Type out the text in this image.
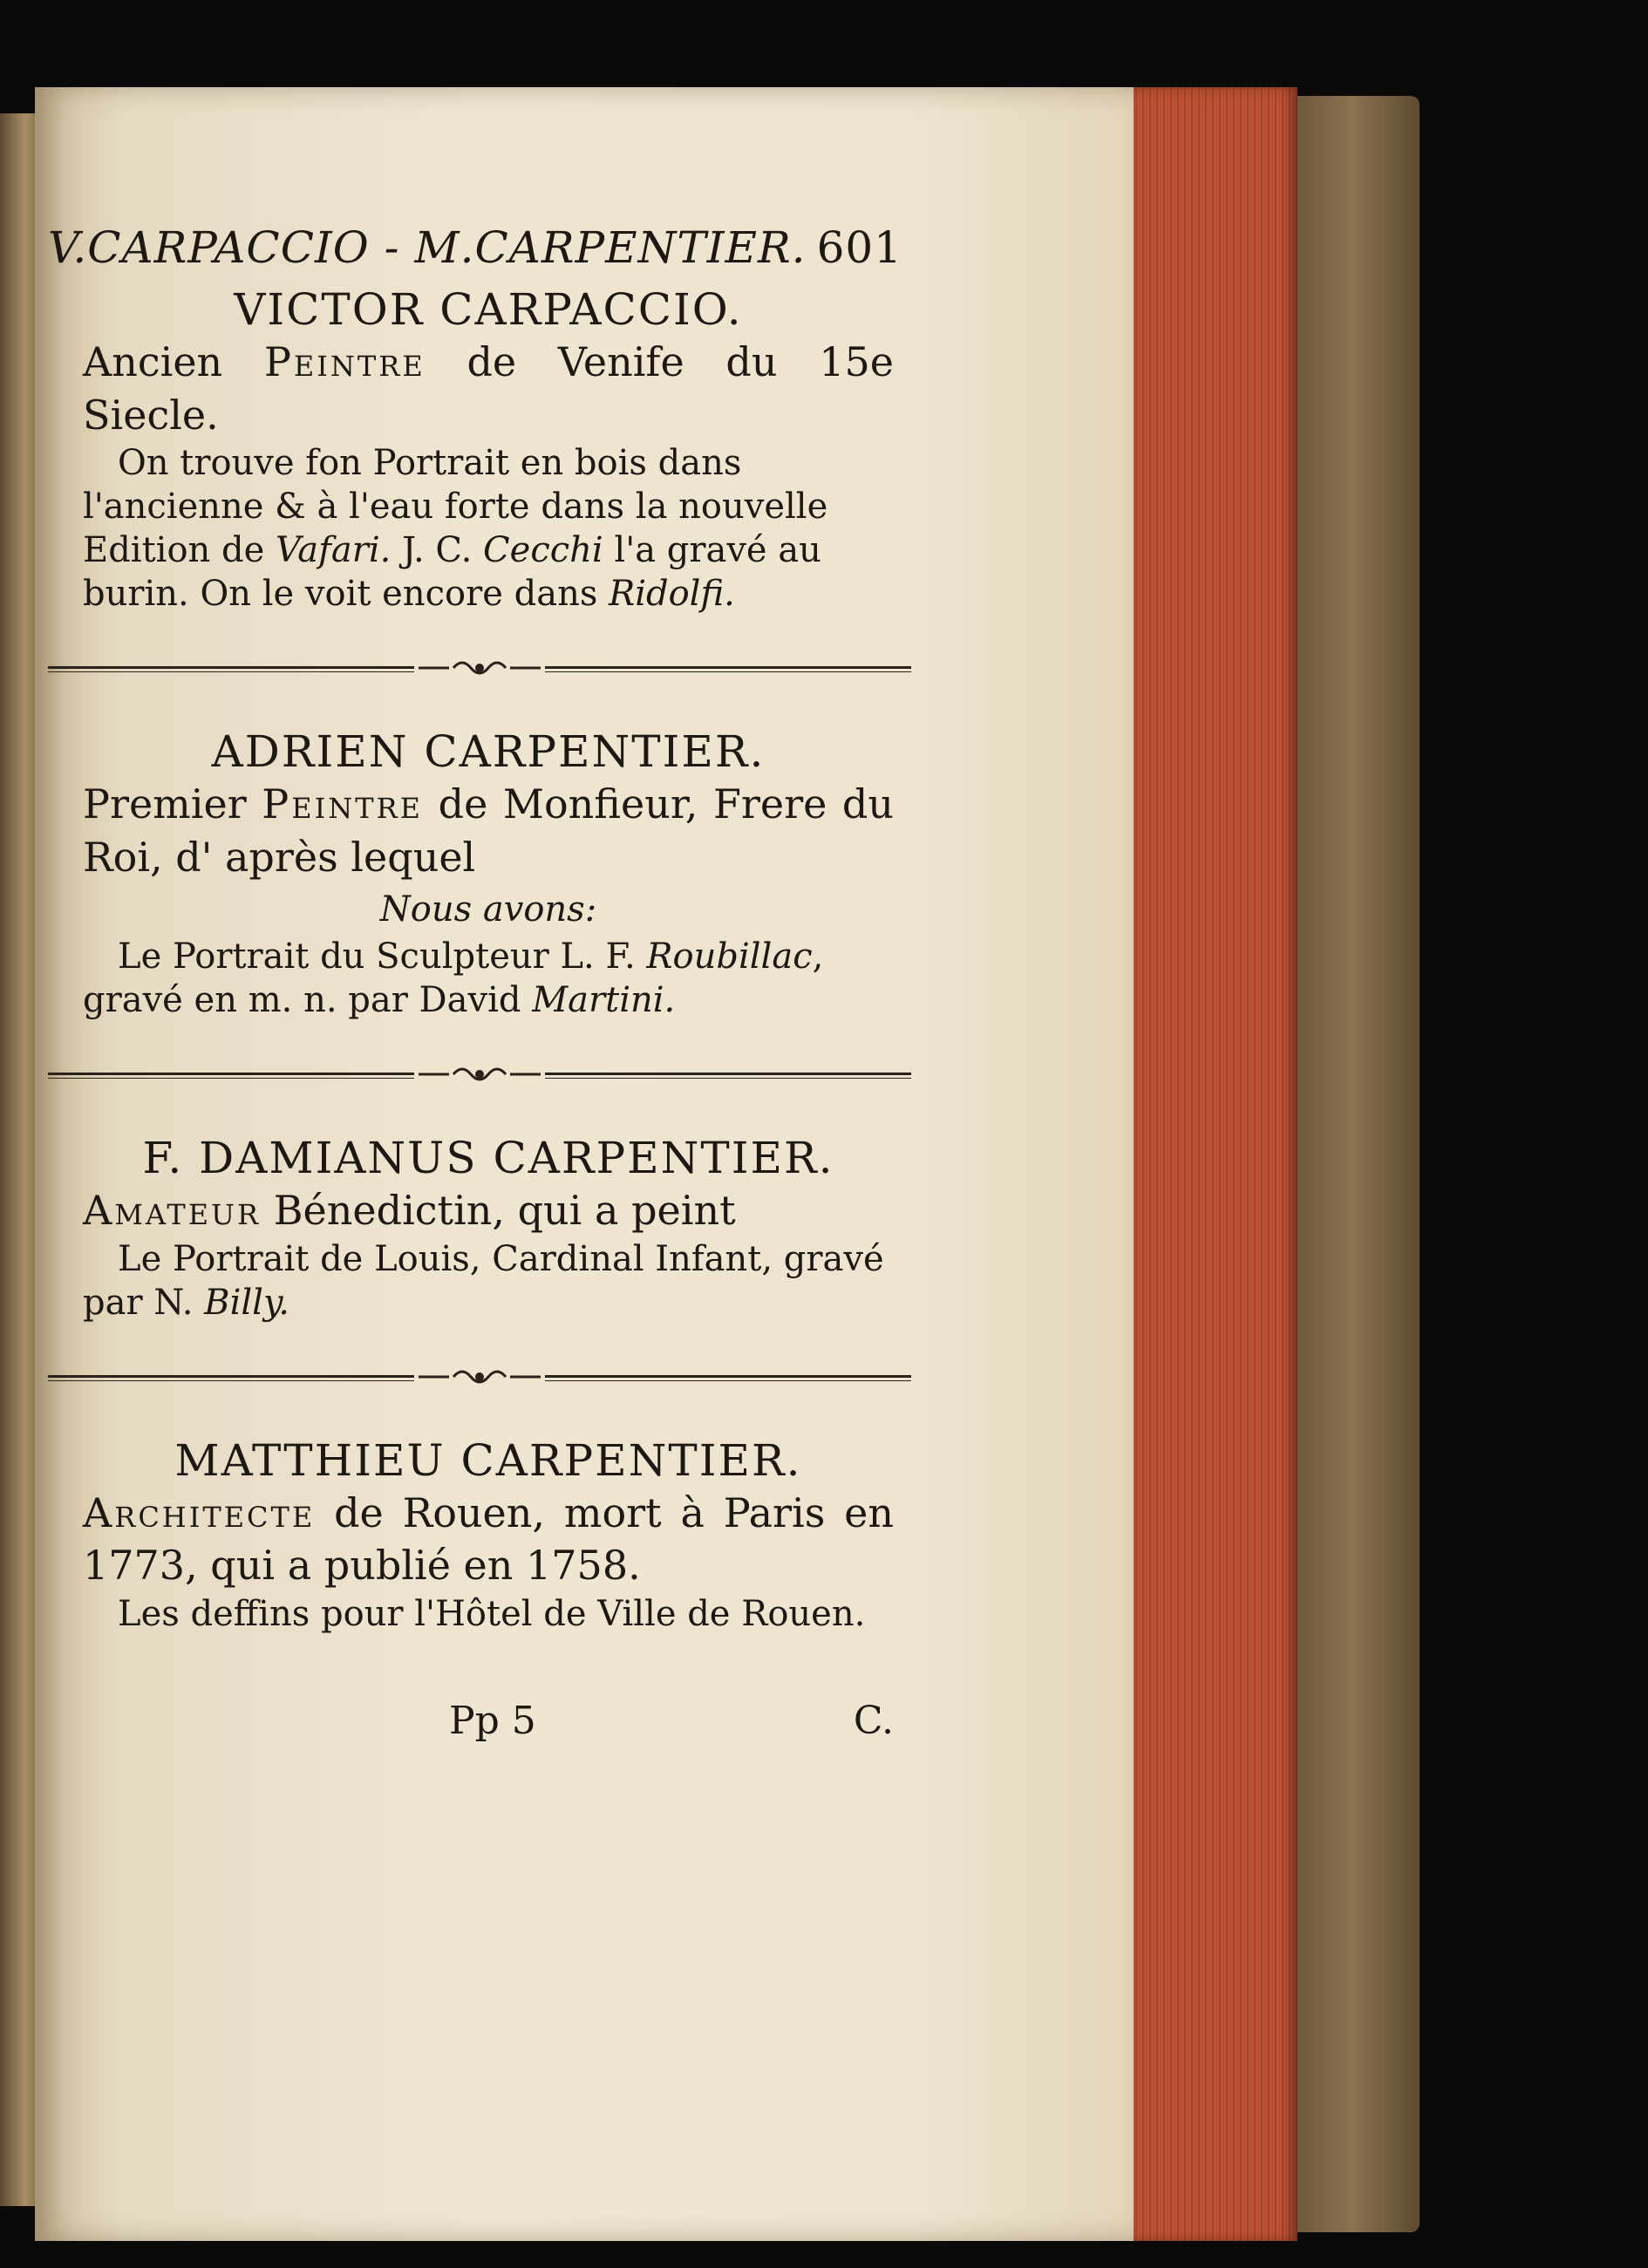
V.CARPACCIO - M.CARPENTIER. 601
VICTOR CARPACCIO.

Ancien Peintre de Venife du 15e Siecle.

On trouve fon Portrait en bois dans l'ancienne & à l'eau forte dans la nouvelle Edition de Vafari. J. C. Cecchi l'a gravé au burin. On le voit encore dans Ridolfi.

ADRIEN CARPENTIER.

Premier Peintre de Monfieur, Frere du Roi, d' après lequel

Nous avons:

Le Portrait du Sculpteur L. F. Roubillac, gravé en m. n. par David Martini.

F. DAMIANUS CARPENTIER.

Amateur Bénedictin, qui a peint

Le Portrait de Louis, Cardinal Infant, gravé par N. Billy.

MATTHIEU CARPENTIER.

Architecte de Rouen, mort à Paris en 1773, qui a publié en 1758.

Les deffins pour l'Hôtel de Ville de Rouen.

Pp 5	C.
